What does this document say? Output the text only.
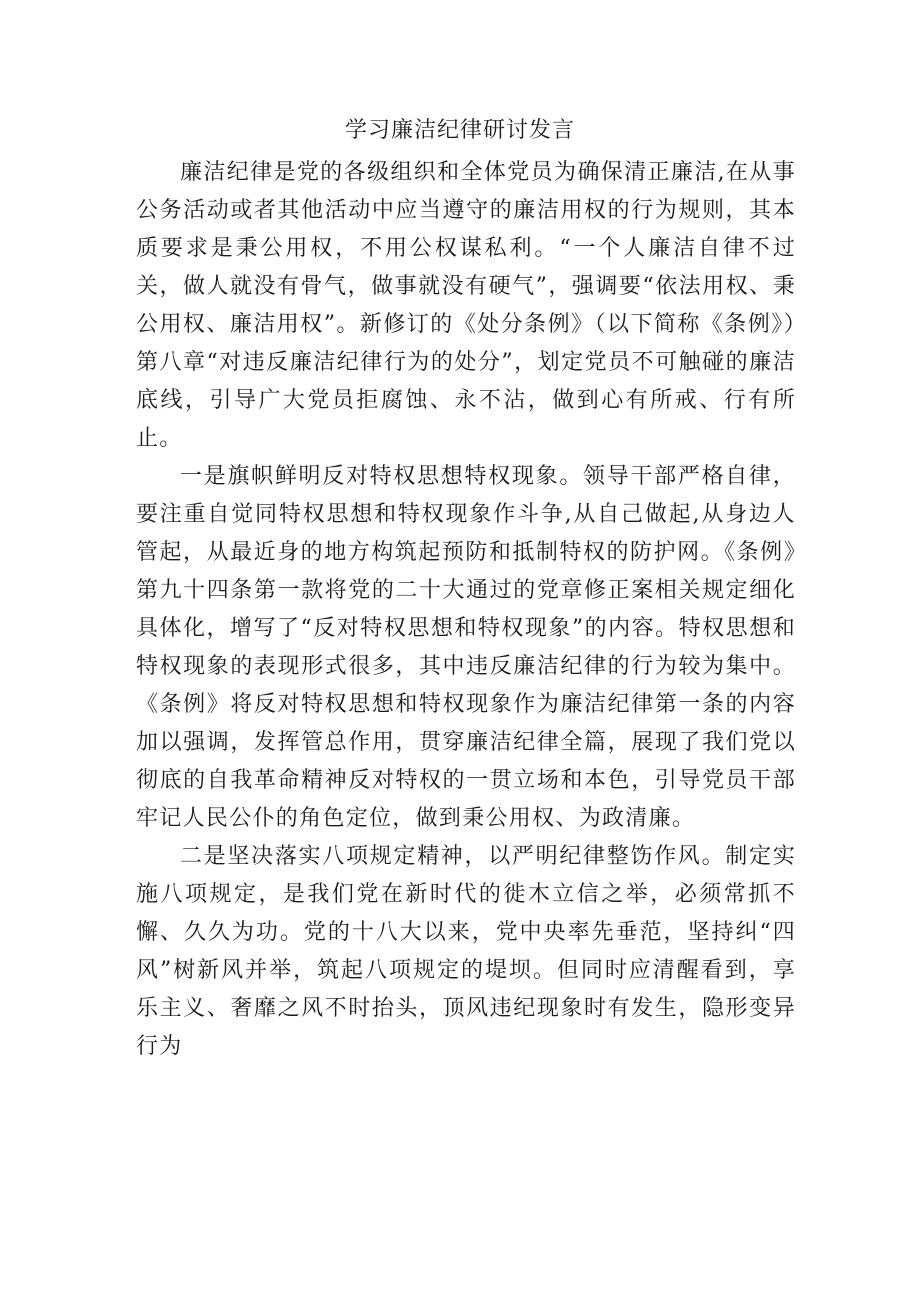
学习廉洁纪律研讨发言

廉洁纪律是党的各级组织和全体党员为确保清正廉洁,在从事公务活动或者其他活动中应当遵守的廉洁用权的行为规则，其本质要求是秉公用权，不用公权谋私利。“一个人廉洁自律不过关，做人就没有骨气，做事就没有硬气”，强调要“依法用权、秉公用权、廉洁用权”。新修订的《处分条例》（以下简称《条例》）第八章“对违反廉洁纪律行为的处分”，划定党员不可触碰的廉洁底线，引导广大党员拒腐蚀、永不沾，做到心有所戒、行有所止。

一是旗帜鲜明反对特权思想特权现象。领导干部严格自律，要注重自觉同特权思想和特权现象作斗争,从自己做起,从身边人管起，从最近身的地方构筑起预防和抵制特权的防护网。《条例》第九十四条第一款将党的二十大通过的党章修正案相关规定细化具体化，增写了“反对特权思想和特权现象”的内容。特权思想和特权现象的表现形式很多，其中违反廉洁纪律的行为较为集中。《条例》将反对特权思想和特权现象作为廉洁纪律第一条的内容加以强调，发挥管总作用，贯穿廉洁纪律全篇，展现了我们党以彻底的自我革命精神反对特权的一贯立场和本色，引导党员干部牢记人民公仆的角色定位，做到秉公用权、为政清廉。

二是坚决落实八项规定精神，以严明纪律整饬作风。制定实施八项规定，是我们党在新时代的徙木立信之举，必须常抓不懈、久久为功。党的十八大以来，党中央率先垂范，坚持纠“四风”树新风并举，筑起八项规定的堤坝。但同时应清醒看到，享乐主义、奢靡之风不时抬头，顶风违纪现象时有发生，隐形变异行为
